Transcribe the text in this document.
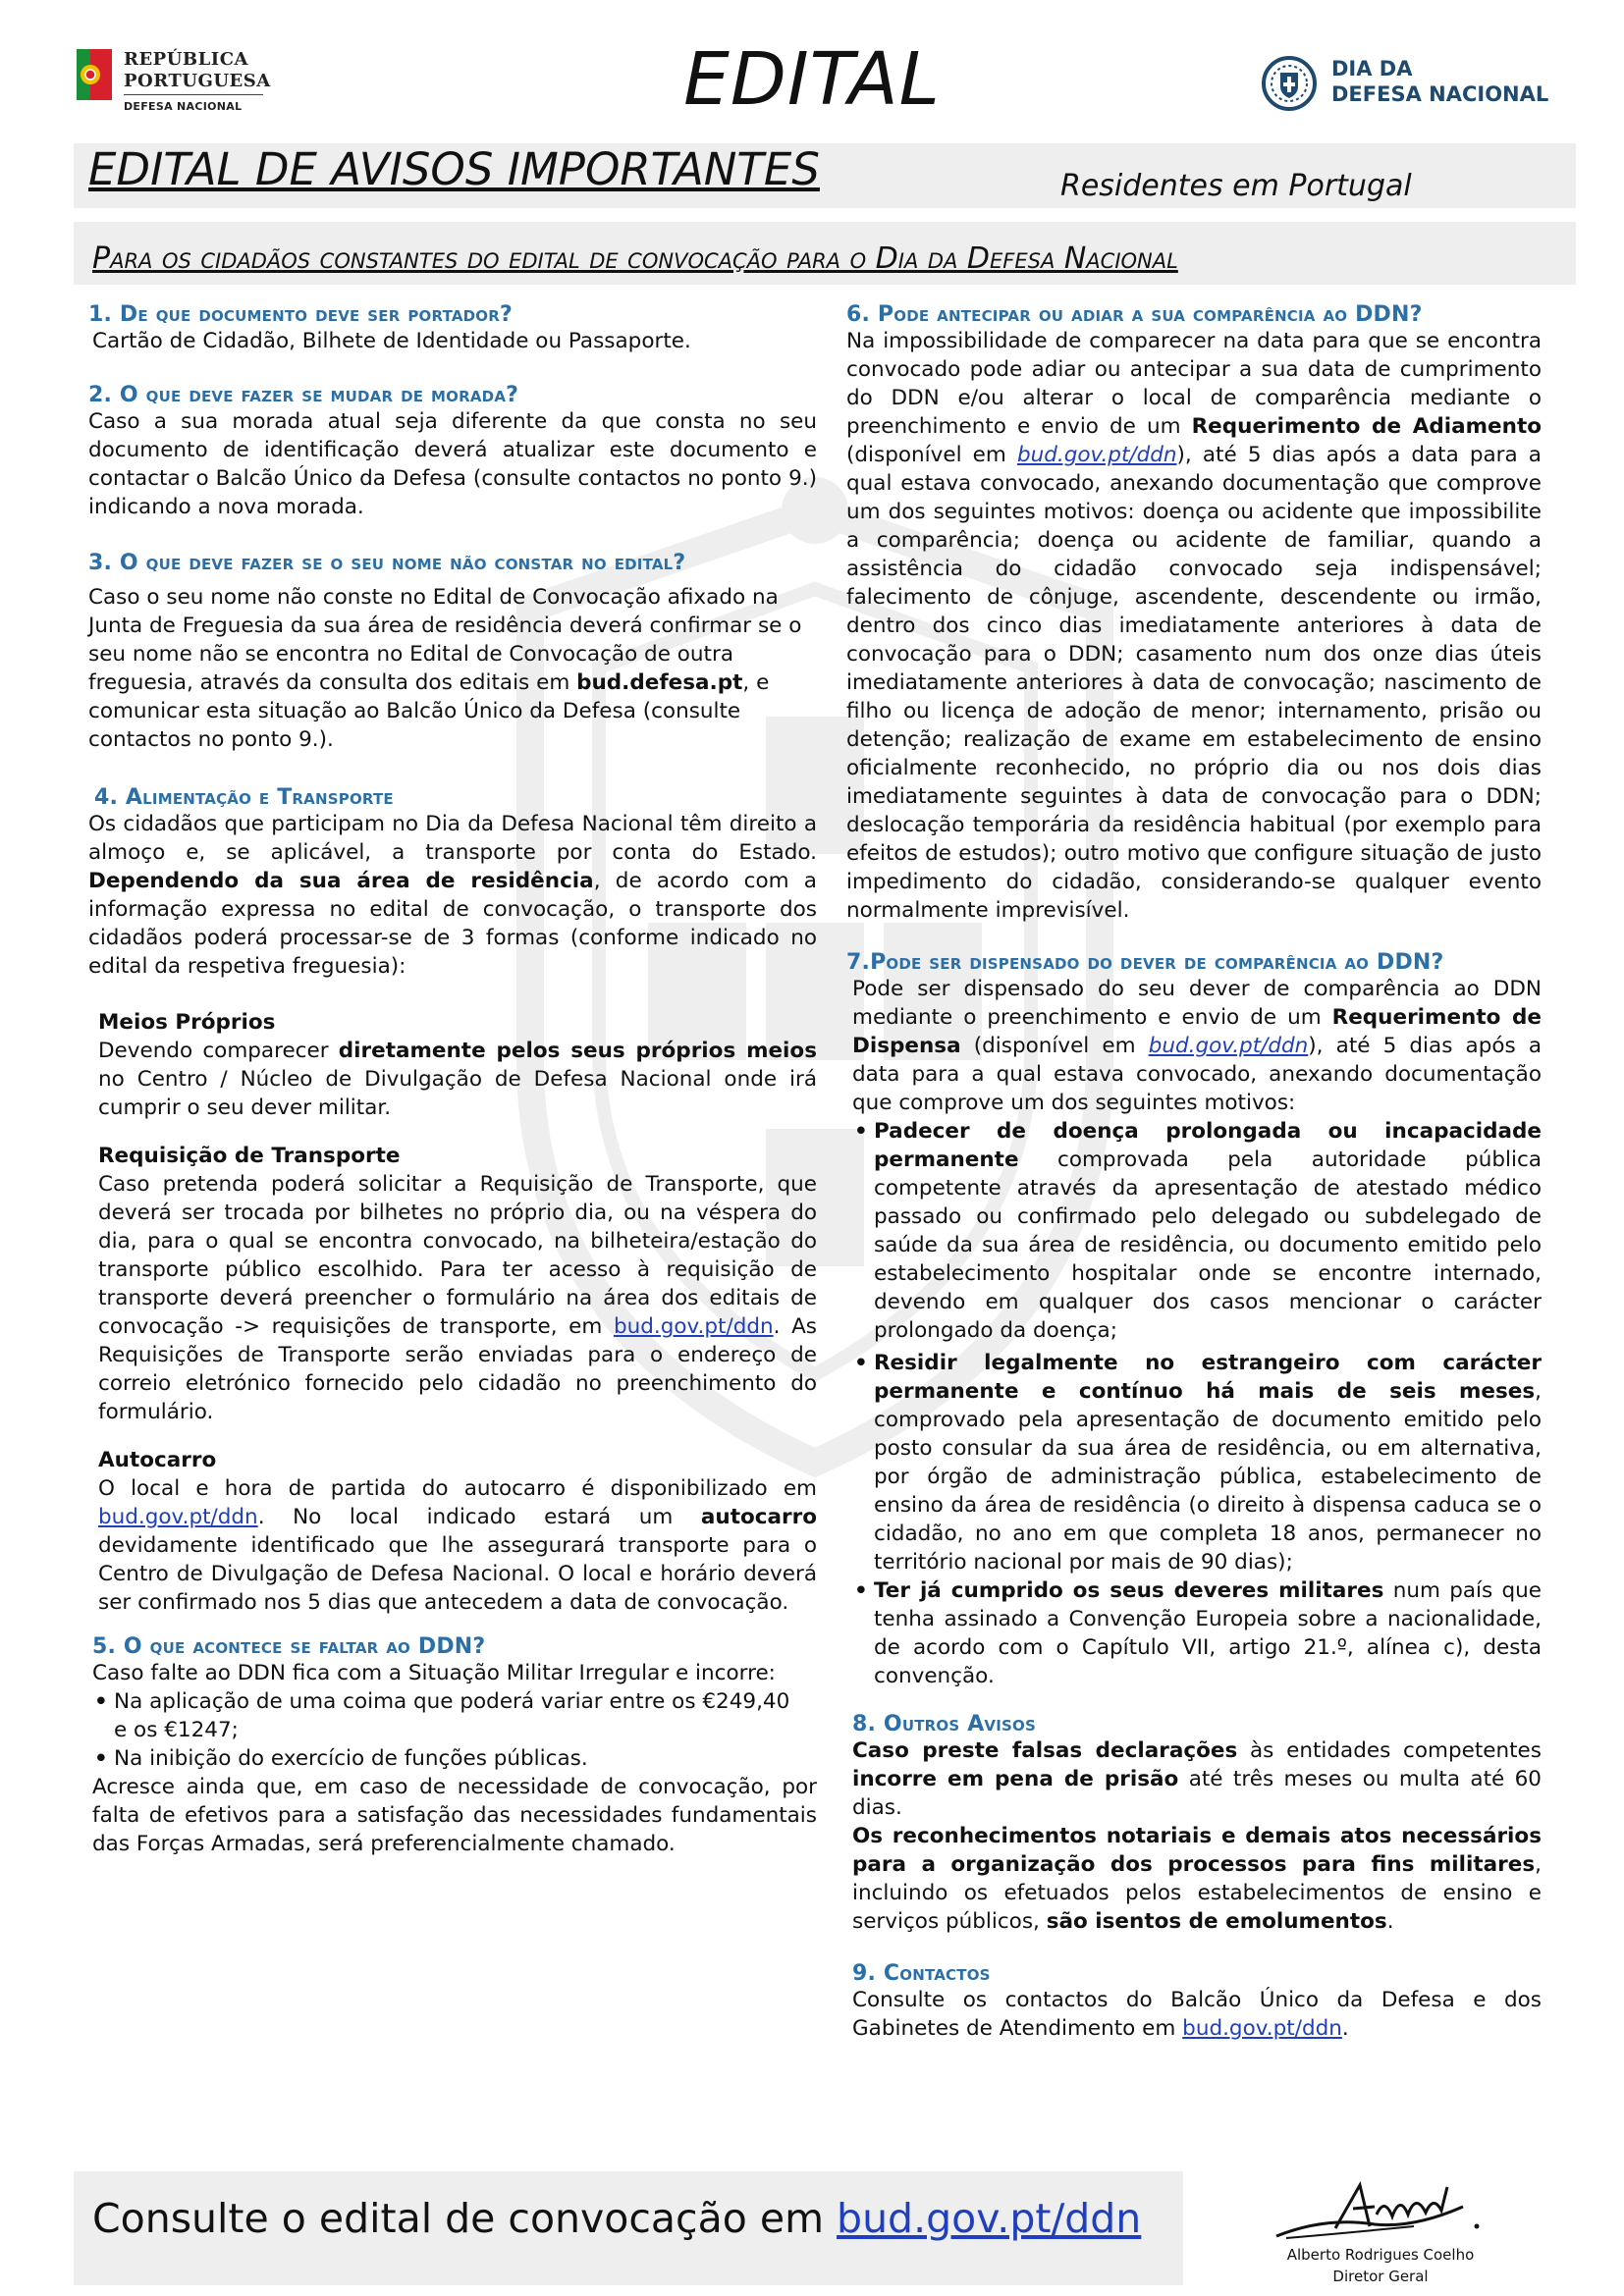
REPÚBLICA
PORTUGUESA
DEFESA NACIONAL	EDITAL	DIA DA
DEFESA NACIONAL
EDITAL DE AVISOS IMPORTANTES	Residentes em Portugal
Para os cidadãos constantes do edital de convocação para o Dia da Defesa Nacional
1. De que documento deve ser portador?
Cartão de Cidadão, Bilhete de Identidade ou Passaporte.
2. O que deve fazer se mudar de morada?
Caso a sua morada atual seja diferente da que consta no seu documento de identificação deverá atualizar este documento e contactar o Balcão Único da Defesa (consulte contactos no ponto 9.) indicando a nova morada.
3. O que deve fazer se o seu nome não constar no edital?
Caso o seu nome não conste no Edital de Convocação afixado na Junta de Freguesia da sua área de residência deverá confirmar se o seu nome não se encontra no Edital de Convocação de outra freguesia, através da consulta dos editais em bud.defesa.pt, e comunicar esta situação ao Balcão Único da Defesa (consulte contactos no ponto 9.).
4. Alimentação e Transporte
Os cidadãos que participam no Dia da Defesa Nacional têm direito a almoço e, se aplicável, a transporte por conta do Estado. Dependendo da sua área de residência, de acordo com a informação expressa no edital de convocação, o transporte dos cidadãos poderá processar-se de 3 formas (conforme indicado no edital da respetiva freguesia):
Meios Próprios
Devendo comparecer diretamente pelos seus próprios meios no Centro / Núcleo de Divulgação de Defesa Nacional onde irá cumprir o seu dever militar.
Requisição de Transporte
Caso pretenda poderá solicitar a Requisição de Transporte, que deverá ser trocada por bilhetes no próprio dia, ou na véspera do dia, para o qual se encontra convocado, na bilheteira/estação do transporte público escolhido. Para ter acesso à requisição de transporte deverá preencher o formulário na área dos editais de convocação -> requisições de transporte, em bud.gov.pt/ddn. As Requisições de Transporte serão enviadas para o endereço de correio eletrónico fornecido pelo cidadão no preenchimento do formulário.
Autocarro
O local e hora de partida do autocarro é disponibilizado em bud.gov.pt/ddn. No local indicado estará um autocarro devidamente identificado que lhe assegurará transporte para o Centro de Divulgação de Defesa Nacional. O local e horário deverá ser confirmado nos 5 dias que antecedem a data de convocação.
5. O que acontece se faltar ao DDN?
Caso falte ao DDN fica com a Situação Militar Irregular e incorre:
• Na aplicação de uma coima que poderá variar entre os €249,40 e os €1247;
• Na inibição do exercício de funções públicas.
Acresce ainda que, em caso de necessidade de convocação, por falta de efetivos para a satisfação das necessidades fundamentais das Forças Armadas, será preferencialmente chamado.
6. Pode antecipar ou adiar a sua comparência ao DDN?
Na impossibilidade de comparecer na data para que se encontra convocado pode adiar ou antecipar a sua data de cumprimento do DDN e/ou alterar o local de comparência mediante o preenchimento e envio de um Requerimento de Adiamento (disponível em bud.gov.pt/ddn), até 5 dias após a data para a qual estava convocado, anexando documentação que comprove um dos seguintes motivos: doença ou acidente que impossibilite a comparência; doença ou acidente de familiar, quando a assistência do cidadão convocado seja indispensável; falecimento de cônjuge, ascendente, descendente ou irmão, dentro dos cinco dias imediatamente anteriores à data de convocação para o DDN; casamento num dos onze dias úteis imediatamente anteriores à data de convocação; nascimento de filho ou licença de adoção de menor; internamento, prisão ou detenção; realização de exame em estabelecimento de ensino oficialmente reconhecido, no próprio dia ou nos dois dias imediatamente seguintes à data de convocação para o DDN; deslocação temporária da residência habitual (por exemplo para efeitos de estudos); outro motivo que configure situação de justo impedimento do cidadão, considerando-se qualquer evento normalmente imprevisível.
7.Pode ser dispensado do dever de comparência ao DDN?
Pode ser dispensado do seu dever de comparência ao DDN mediante o preenchimento e envio de um Requerimento de Dispensa (disponível em bud.gov.pt/ddn), até 5 dias após a data para a qual estava convocado, anexando documentação que comprove um dos seguintes motivos:
• Padecer de doença prolongada ou incapacidade permanente comprovada pela autoridade pública competente através da apresentação de atestado médico passado ou confirmado pelo delegado ou subdelegado de saúde da sua área de residência, ou documento emitido pelo estabelecimento hospitalar onde se encontre internado, devendo em qualquer dos casos mencionar o carácter prolongado da doença;
• Residir legalmente no estrangeiro com carácter permanente e contínuo há mais de seis meses, comprovado pela apresentação de documento emitido pelo posto consular da sua área de residência, ou em alternativa, por órgão de administração pública, estabelecimento de ensino da área de residência (o direito à dispensa caduca se o cidadão, no ano em que completa 18 anos, permanecer no território nacional por mais de 90 dias);
• Ter já cumprido os seus deveres militares num país que tenha assinado a Convenção Europeia sobre a nacionalidade, de acordo com o Capítulo VII, artigo 21.º, alínea c), desta convenção.
8. Outros Avisos
Caso preste falsas declarações às entidades competentes incorre em pena de prisão até três meses ou multa até 60 dias.
Os reconhecimentos notariais e demais atos necessários para a organização dos processos para fins militares, incluindo os efetuados pelos estabelecimentos de ensino e serviços públicos, são isentos de emolumentos.
9. Contactos
Consulte os contactos do Balcão Único da Defesa e dos Gabinetes de Atendimento em bud.gov.pt/ddn.
Consulte o edital de convocação em bud.gov.pt/ddn
Alberto Rodrigues Coelho
Diretor Geral
